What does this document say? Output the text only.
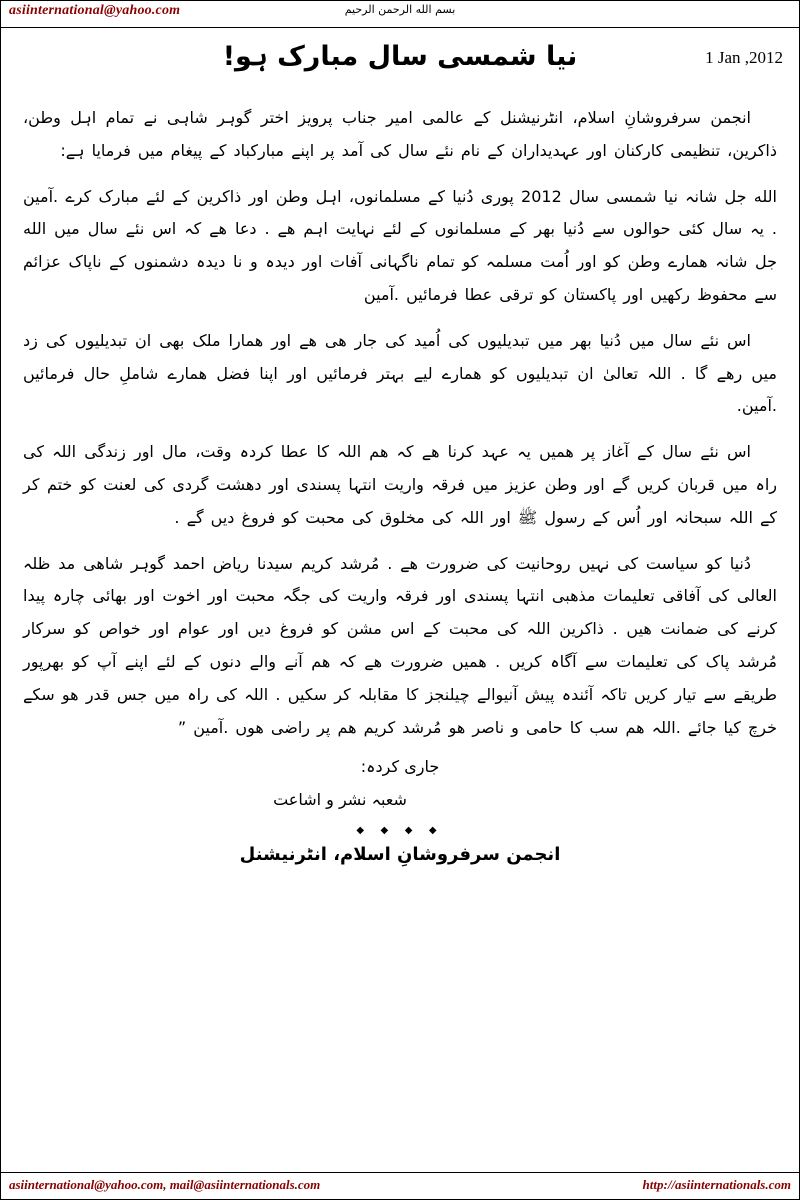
asiinternational@yahoo.com	بسم الله الرحمن الرحيم
1 Jan ,2012
نیا شمسی سال مبارک ہو!

انجمن سرفروشانِ اسلام، انٹرنیشنل کے عالمی امیر جناب پرویز اختر گوہر شاہی نے تمام اہل وطن، ذاکرین، تنظیمی کارکنان اور عہدیداران کے نام نئے سال کی آمد پر اپنے مبارکباد کے پیغام میں فرمایا ہے:

الله جل شانہ نیا شمسی سال 2012 پوری دُنیا کے مسلمانوں، اہل وطن اور ذاکرین کے لئے مبارک کرے .آمین . یہ سال کئی حوالوں سے دُنیا بھر کے مسلمانوں کے لئے نہایت اہم ھے . دعا ھے کہ اس نئے سال میں الله جل شانہ ھمارے وطن کو اور اُمت مسلمہ کو تمام ناگہانی آفات اور دیدہ و نا دیدہ دشمنوں کے ناپاک عزائم سے محفوظ رکھیں اور پاکستان کو ترقی عطا فرمائیں .آمین

اس نئے سال میں دُنیا بھر میں تبدیلیوں کی اُمید کی جار ھی ھے اور ھمارا ملک بھی ان تبدیلیوں کی زد میں رھے گا . اللہ تعالیٰ ان تبدیلیوں کو ھمارے لیے بہتر فرمائیں اور اپنا فضل ھمارے شاملِ حال فرمائیں .آمین.

اس نئے سال کے آغاز پر ھمیں یہ عہد کرنا ھے کہ ھم اللہ کا عطا کردہ وقت، مال اور زندگی اللہ کی راہ میں قربان کریں گے اور وطن عزیز میں فرقہ واریت انتہا پسندی اور دھشت گردی کی لعنت کو ختم کر کے اللہ سبحانہ اور اُس کے رسول ﷺ اور اللہ کی مخلوق کی محبت کو فروغ دیں گے .

دُنیا کو سیاست کی نہیں روحانیت کی ضرورت ھے . مُرشد کریم سیدنا ریاض احمد گوہر شاھی مد ظلہ العالی کی آفاقی تعلیمات مذھبی انتہا پسندی اور فرقہ واریت کی جگہ محبت اور اخوت اور بھائی چارہ پیدا کرنے کی ضمانت ھیں . ذاکرین اللہ کی محبت کے اس مشن کو فروغ دیں اور عوام اور خواص کو سرکار مُرشد پاک کی تعلیمات سے آگاہ کریں . ھمیں ضرورت ھے کہ ھم آنے والے دنوں کے لئے اپنے آپ کو بھرپور طریقے سے تیار کریں تاکہ آئندہ پیش آنیوالے چیلنجز کا مقابلہ کر سکیں . اللہ کی راہ میں جس قدر ھو سکے خرچ کیا جائے .اللہ ھم سب کا حامی و ناصر ھو مُرشد کریم ھم پر راضی ھوں .آمین ”

جاری کردہ:
شعبہ نشر و اشاعت
◆ ◆ ◆ ◆
انجمن سرفروشانِ اسلام، انٹرنیشنل
asiinternational@yahoo.com, mail@asiinternationals.com	http://asiinternationals.com
